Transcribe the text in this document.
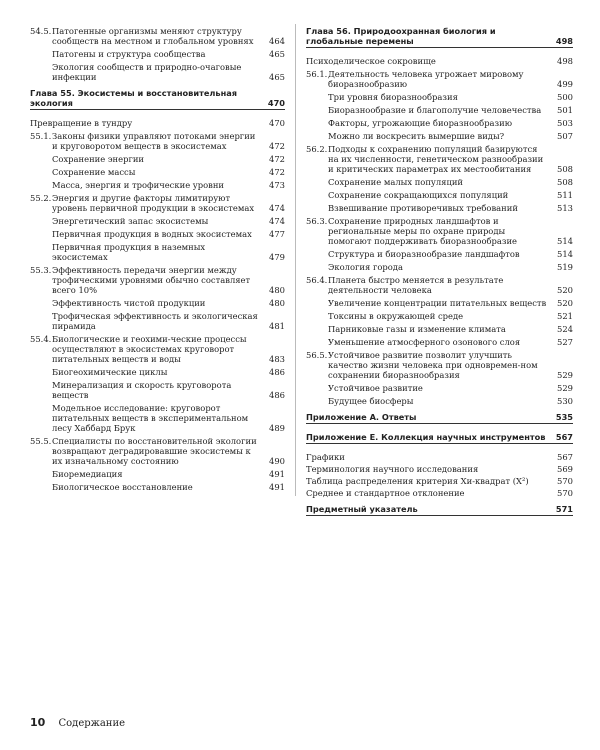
54.5. Патогенные организмы меняют структуру сообществ на местном и глобальном уровнях	464
Патогены и структура сообщества	465
Экология сообществ и природно-очаговые инфекции	465
Глава 55. Экосистемы и восстановительная экология	470
Превращение в тундру	470
55.1. Законы физики управляют потоками энергии и круговоротом веществ в экосистемах	472
Сохранение энергии	472
Сохранение массы	472
Масса, энергия и трофические уровни	473
55.2. Энергия и другие факторы лимитируют уровень первичной продукции в экосистемах	474
Энергетический запас экосистемы	474
Первичная продукция в водных экосистемах	477
Первичная продукция в наземных экосистемах	479
55.3. Эффективность передачи энергии между трофическими уровнями обычно составляет всего 10%	480
Эффективность чистой продукции	480
Трофическая эффективность и экологическая пирамида	481
55.4. Биологические и геохими-ческие процессы осуществляют в экосистемах круговорот питательных веществ и воды	483
Биогеохимические циклы	486
Минерализация и скорость круговорота веществ	486
Модельное исследование: круговорот питательных веществ в экспериментальном лесу Хаббард Брук	489
55.5. Специалисты по восстановительной экологии возвращают деградировавшие экосистемы к их изначальному состоянию	490
Биоремедиация	491
Биологическое восстановление	491
Глава 56. Природоохранная биология и глобальные перемены	498
Психоделическое сокровище	498
56.1. Деятельность человека угрожает мировому биоразнообразию	499
Три уровня биоразнообразия	500
Биоразнообразие и благополучие человечества	501
Факторы, угрожающие биоразнообразию	503
Можно ли воскресить вымершие виды?	507
56.2. Подходы к сохранению популяций базируются на их численности, генетическом разнообразии и критических параметрах их местообитания	508
Сохранение малых популяций	508
Сохранение сокращающихся популяций	511
Взвешивание противоречивых требований	513
56.3. Сохранение природных ландшафтов и региональные меры по охране природы помогают поддерживать биоразнообразие	514
Структура и биоразнообразие ландшафтов	514
Экология города	519
56.4. Планета быстро меняется в результате деятельности человека	520
Увеличение концентрации питательных веществ	520
Токсины в окружающей среде	521
Парниковые газы и изменение климата	524
Уменьшение атмосферного озонового слоя	527
56.5. Устойчивое развитие позволит улучшить качество жизни человека при одновремен-ном сохранении биоразнообразия	529
Устойчивое развитие	529
Будущее биосферы	530
Приложение А. Ответы	535
Приложение Е. Коллекция научных инструментов	567
Графики	567
Терминология научного исследования	569
Таблица распределения критерия Хи-квадрат (Χ²)	570
Среднее и стандартное отклонение	570
Предметный указатель	571
10 Содержание
